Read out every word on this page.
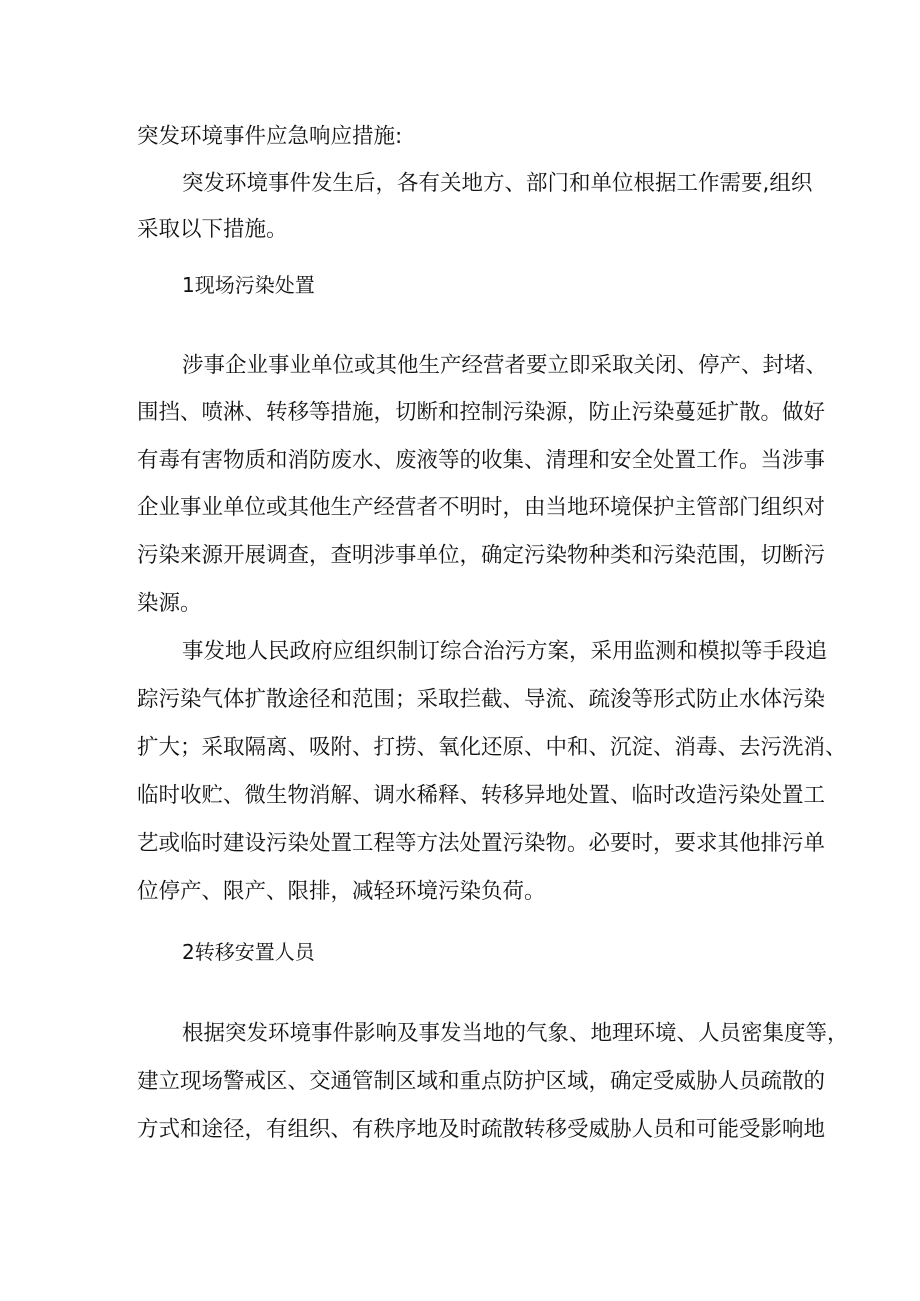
突发环境事件应急响应措施:

突发环境事件发生后，各有关地方、部门和单位根据工作需要,组织

采取以下措施。

1现场污染处置

涉事企业事业单位或其他生产经营者要立即采取关闭、停产、封堵、

围挡、喷淋、转移等措施，切断和控制污染源，防止污染蔓延扩散。做好

有毒有害物质和消防废水、废液等的收集、清理和安全处置工作。当涉事

企业事业单位或其他生产经营者不明时，由当地环境保护主管部门组织对

污染来源开展调查，查明涉事单位，确定污染物种类和污染范围，切断污

染源。

事发地人民政府应组织制订综合治污方案，采用监测和模拟等手段追

踪污染气体扩散途径和范围；采取拦截、导流、疏浚等形式防止水体污染

扩大；采取隔离、吸附、打捞、氧化还原、中和、沉淀、消毒、去污洗消、

临时收贮、微生物消解、调水稀释、转移异地处置、临时改造污染处置工

艺或临时建设污染处置工程等方法处置污染物。必要时，要求其他排污单

位停产、限产、限排，减轻环境污染负荷。

2转移安置人员

根据突发环境事件影响及事发当地的气象、地理环境、人员密集度等，

建立现场警戒区、交通管制区域和重点防护区域，确定受威胁人员疏散的

方式和途径，有组织、有秩序地及时疏散转移受威胁人员和可能受影响地
